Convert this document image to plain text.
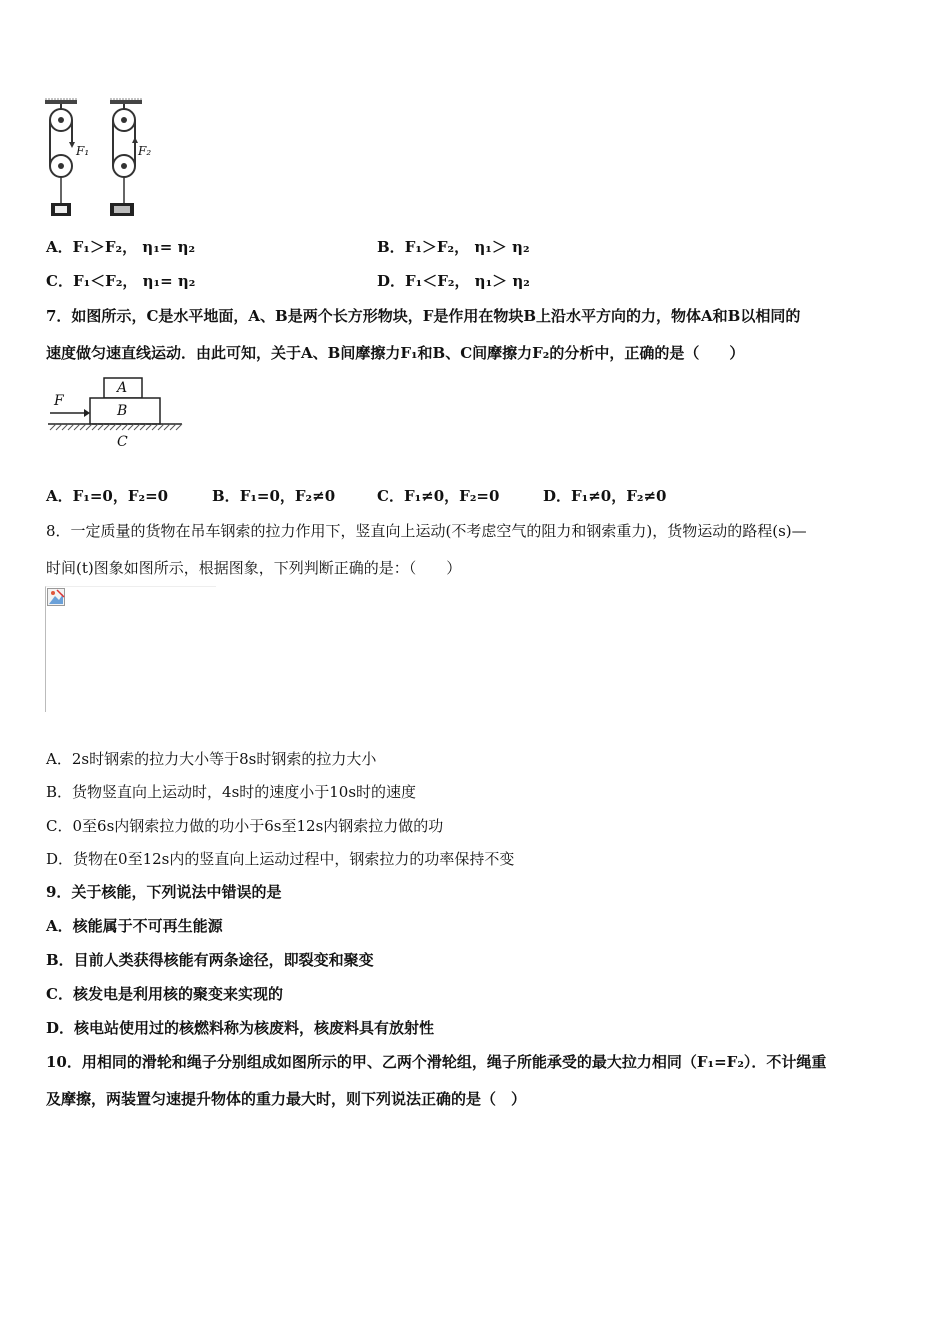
F₁	F₂
A．F₁＞F₂， η₁= η₂	B．F₁＞F₂， η₁＞ η₂
C．F₁＜F₂， η₁= η₂	D．F₁＜F₂， η₁＞ η₂
7．如图所示，C是水平地面，A、B是两个长方形物块，F是作用在物块B上沿水平方向的力，物体A和B以相同的
速度做匀速直线运动．由此可知，关于A、B间摩擦力F₁和B、C间摩擦力F₂的分析中，正确的是（　　）
F
A
B
C
A．F₁=0，F₂=0	B．F₁=0，F₂≠0	C．F₁≠0，F₂=0	D．F₁≠0，F₂≠0
8．一定质量的货物在吊车钢索的拉力作用下，竖直向上运动(不考虑空气的阻力和钢索重力)，货物运动的路程(s)—
时间(t)图象如图所示，根据图象，下列判断正确的是：（　　）
A．2s时钢索的拉力大小等于8s时钢索的拉力大小
B．货物竖直向上运动时，4s时的速度小于10s时的速度
C．0至6s内钢索拉力做的功小于6s至12s内钢索拉力做的功
D．货物在0至12s内的竖直向上运动过程中，钢索拉力的功率保持不变
9．关于核能，下列说法中错误的是
A．核能属于不可再生能源
B．目前人类获得核能有两条途径，即裂变和聚变
C．核发电是利用核的聚变来实现的
D．核电站使用过的核燃料称为核废料，核废料具有放射性
10．用相同的滑轮和绳子分别组成如图所示的甲、乙两个滑轮组，绳子所能承受的最大拉力相同（F₁=F₂）．不计绳重
及摩擦，两装置匀速提升物体的重力最大时，则下列说法正确的是（　）
